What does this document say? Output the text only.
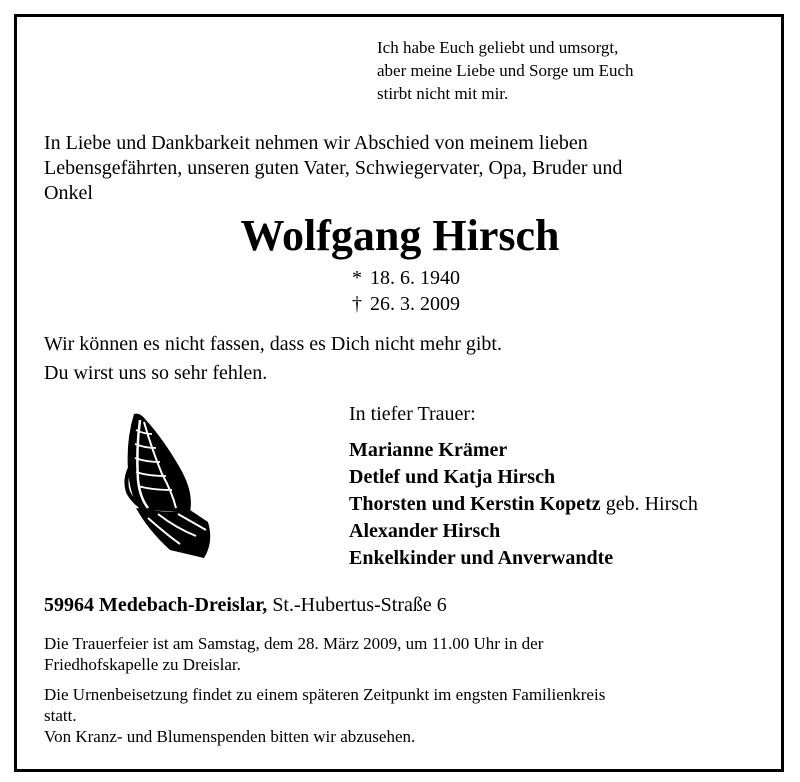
Ich habe Euch geliebt und umsorgt,
aber meine Liebe und Sorge um Euch
stirbt nicht mit mir.

In Liebe und Dankbarkeit nehmen wir Abschied von meinem lieben
Lebensgefährten, unseren guten Vater, Schwiegervater, Opa, Bruder und
Onkel

Wolfgang Hirsch

* 18. 6. 1940
† 26. 3. 2009

Wir können es nicht fassen, dass es Dich nicht mehr gibt.
Du wirst uns so sehr fehlen.

In tiefer Trauer:

Marianne Krämer
Detlef und Katja Hirsch
Thorsten und Kerstin Kopetz geb. Hirsch
Alexander Hirsch
Enkelkinder und Anverwandte

59964 Medebach-Dreislar, St.-Hubertus-Straße 6

Die Trauerfeier ist am Samstag, dem 28. März 2009, um 11.00 Uhr in der
Friedhofskapelle zu Dreislar.

Die Urnenbeisetzung findet zu einem späteren Zeitpunkt im engsten Familienkreis
statt.
Von Kranz- und Blumenspenden bitten wir abzusehen.
